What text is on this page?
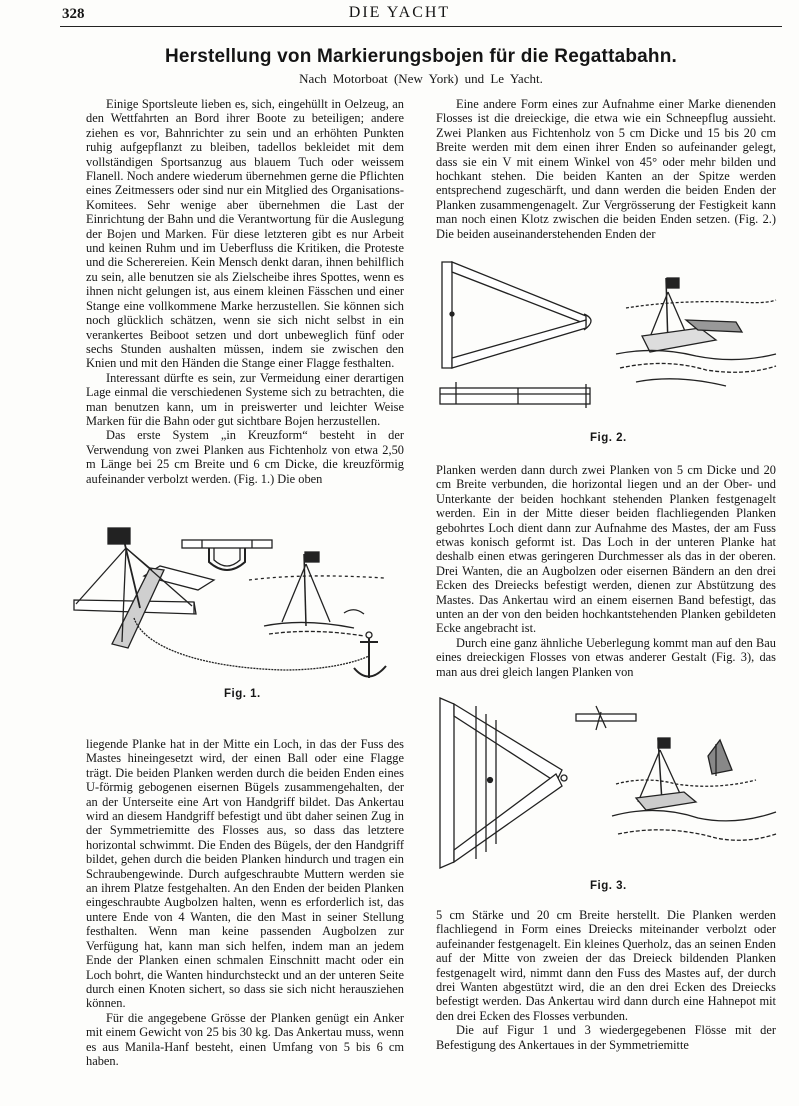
328	DIE YACHT
Herstellung von Markierungsbojen für die Regattabahn.
Nach Motorboat (New York) und Le Yacht.

Einige Sportsleute lieben es, sich, eingehüllt in Oelzeug, an den Wettfahrten an Bord ihrer Boote zu beteiligen; andere ziehen es vor, Bahnrichter zu sein und an erhöhten Punkten ruhig aufgepflanzt zu bleiben, tadellos bekleidet mit dem vollständigen Sportsanzug aus blauem Tuch oder weissem Flanell. Noch andere wiederum übernehmen gerne die Pflichten eines Zeitmessers oder sind nur ein Mitglied des Organisations-Komitees. Sehr wenige aber übernehmen die Last der Einrichtung der Bahn und die Verantwortung für die Auslegung der Bojen und Marken. Für diese letzteren gibt es nur Arbeit und keinen Ruhm und im Ueberfluss die Kritiken, die Proteste und die Scherereien. Kein Mensch denkt daran, ihnen behilflich zu sein, alle benutzen sie als Zielscheibe ihres Spottes, wenn es ihnen nicht gelungen ist, aus einem kleinen Fässchen und einer Stange eine vollkommene Marke herzustellen. Sie können sich noch glücklich schätzen, wenn sie sich nicht selbst in ein verankertes Beiboot setzen und dort unbeweglich fünf oder sechs Stunden aushalten müssen, indem sie zwischen den Knien und mit den Händen die Stange einer Flagge festhalten.

Interessant dürfte es sein, zur Vermeidung einer derartigen Lage einmal die verschiedenen Systeme sich zu betrachten, die man benutzen kann, um in preiswerter und leichter Weise Marken für die Bahn oder gut sichtbare Bojen herzustellen.

Das erste System „in Kreuzform“ besteht in der Verwendung von zwei Planken aus Fichtenholz von etwa 2,50 m Länge bei 25 cm Breite und 6 cm Dicke, die kreuzförmig aufeinander verbolzt werden. (Fig. 1.) Die oben

Fig. 1.

liegende Planke hat in der Mitte ein Loch, in das der Fuss des Mastes hineingesetzt wird, der einen Ball oder eine Flagge trägt. Die beiden Planken werden durch die beiden Enden eines U-förmig gebogenen eisernen Bügels zusammengehalten, der an der Unterseite eine Art von Handgriff bildet. Das Ankertau wird an diesem Handgriff befestigt und übt daher seinen Zug in der Symmetriemitte des Flosses aus, so dass das letztere horizontal schwimmt. Die Enden des Bügels, der den Handgriff bildet, gehen durch die beiden Planken hindurch und tragen ein Schraubengewinde. Durch aufgeschraubte Muttern werden sie an ihrem Platze festgehalten. An den Enden der beiden Planken eingeschraubte Augbolzen halten, wenn es erforderlich ist, das untere Ende von 4 Wanten, die den Mast in seiner Stellung festhalten. Wenn man keine passenden Augbolzen zur Verfügung hat, kann man sich helfen, indem man an jedem Ende der Planken einen schmalen Einschnitt macht oder ein Loch bohrt, die Wanten hindurchsteckt und an der unteren Seite durch einen Knoten sichert, so dass sie sich nicht herausziehen können.

Für die angegebene Grösse der Planken genügt ein Anker mit einem Gewicht von 25 bis 30 kg. Das Ankertau muss, wenn es aus Manila-Hanf besteht, einen Umfang von 5 bis 6 cm haben.

Eine andere Form eines zur Aufnahme einer Marke dienenden Flosses ist die dreieckige, die etwa wie ein Schneepflug aussieht. Zwei Planken aus Fichtenholz von 5 cm Dicke und 15 bis 20 cm Breite werden mit dem einen ihrer Enden so aufeinander gelegt, dass sie ein V mit einem Winkel von 45° oder mehr bilden und hochkant stehen. Die beiden Kanten an der Spitze werden entsprechend zugeschärft, und dann werden die beiden Enden der Planken zusammengenagelt. Zur Vergrösserung der Festigkeit kann man noch einen Klotz zwischen die beiden Enden setzen. (Fig. 2.) Die beiden auseinanderstehenden Enden der

Fig. 2.

Planken werden dann durch zwei Planken von 5 cm Dicke und 20 cm Breite verbunden, die horizontal liegen und an der Ober- und Unterkante der beiden hochkant stehenden Planken festgenagelt werden. Ein in der Mitte dieser beiden flachliegenden Planken gebohrtes Loch dient dann zur Aufnahme des Mastes, der am Fuss etwas konisch geformt ist. Das Loch in der unteren Planke hat deshalb einen etwas geringeren Durchmesser als das in der oberen. Drei Wanten, die an Augbolzen oder eisernen Bändern an den drei Ecken des Dreiecks befestigt werden, dienen zur Abstützung des Mastes. Das Ankertau wird an einem eisernen Band befestigt, das unten an der von den beiden hochkantstehenden Planken gebildeten Ecke angebracht ist.

Durch eine ganz ähnliche Ueberlegung kommt man auf den Bau eines dreieckigen Flosses von etwas anderer Gestalt (Fig. 3), das man aus drei gleich langen Planken von

Fig. 3.

5 cm Stärke und 20 cm Breite herstellt. Die Planken werden flachliegend in Form eines Dreiecks miteinander verbolzt oder aufeinander festgenagelt. Ein kleines Querholz, das an seinen Enden auf der Mitte von zweien der das Dreieck bildenden Planken festgenagelt wird, nimmt dann den Fuss des Mastes auf, der durch drei Wanten abgestützt wird, die an den drei Ecken des Dreiecks befestigt werden. Das Ankertau wird dann durch eine Hahnepot mit den drei Ecken des Flosses verbunden.

Die auf Figur 1 und 3 wiedergegebenen Flösse mit der Befestigung des Ankertaues in der Symmetriemitte
